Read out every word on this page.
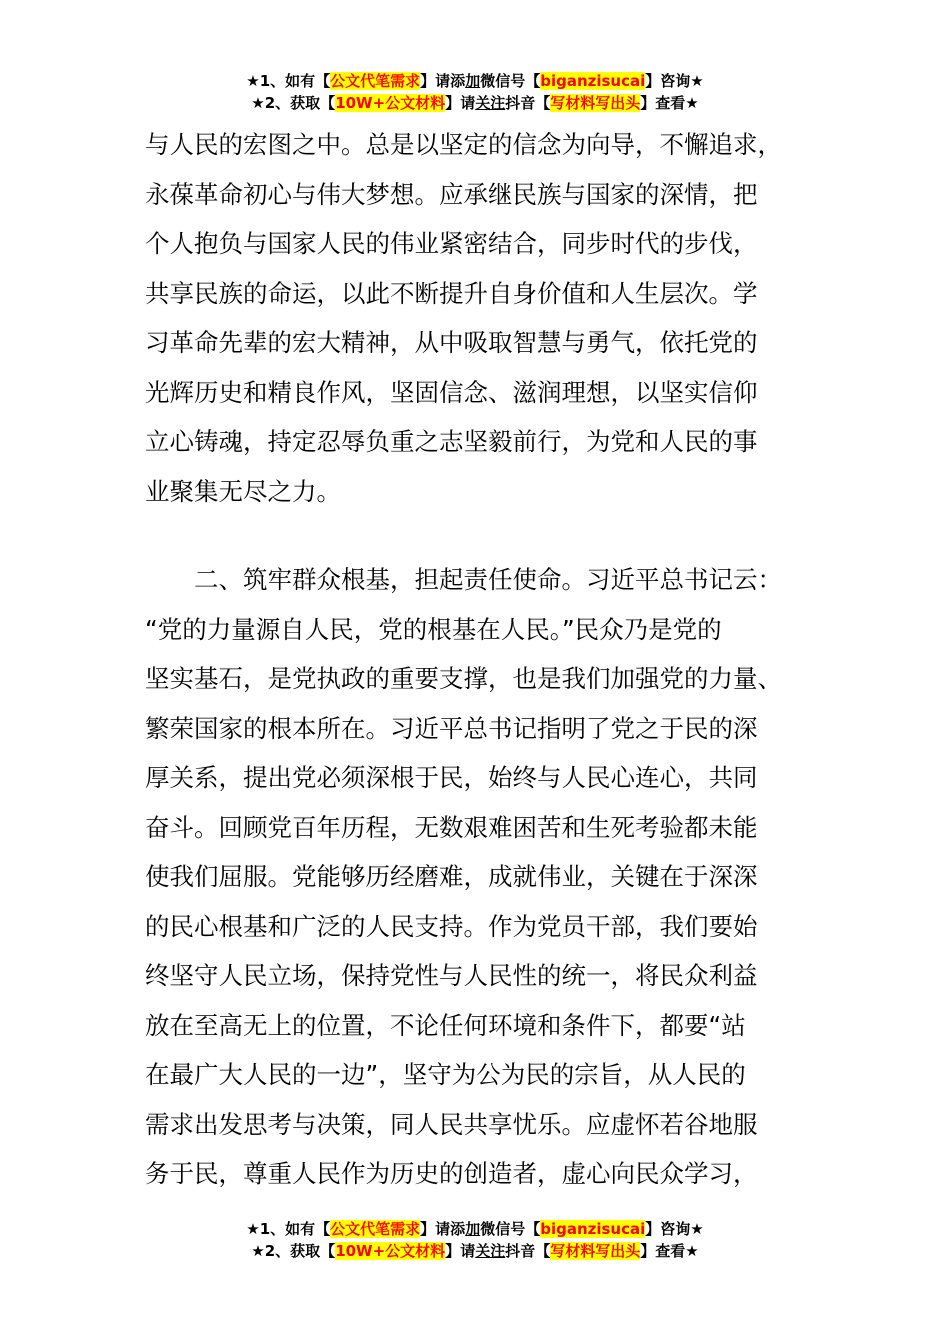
★1、如有【公文代笔需求】请添加微信号【biganzisucai】咨询★
★2、获取【10W+公文材料】请关注抖音【写材料写出头】查看★
与人民的宏图之中。总是以坚定的信念为向导，不懈追求，
永葆革命初心与伟大梦想。应承继民族与国家的深情，把
个人抱负与国家人民的伟业紧密结合，同步时代的步伐，
共享民族的命运，以此不断提升自身价值和人生层次。学
习革命先辈的宏大精神，从中吸取智慧与勇气，依托党的
光辉历史和精良作风，坚固信念、滋润理想，以坚实信仰
立心铸魂，持定忍辱负重之志坚毅前行，为党和人民的事
业聚集无尽之力。
　　二、筑牢群众根基，担起责任使命。习近平总书记云：
“党的力量源自人民，党的根基在人民。”民众乃是党的
坚实基石，是党执政的重要支撑，也是我们加强党的力量、
繁荣国家的根本所在。习近平总书记指明了党之于民的深
厚关系，提出党必须深根于民，始终与人民心连心，共同
奋斗。回顾党百年历程，无数艰难困苦和生死考验都未能
使我们屈服。党能够历经磨难，成就伟业，关键在于深深
的民心根基和广泛的人民支持。作为党员干部，我们要始
终坚守人民立场，保持党性与人民性的统一，将民众利益
放在至高无上的位置，不论任何环境和条件下，都要“站
在最广大人民的一边”，坚守为公为民的宗旨，从人民的
需求出发思考与决策，同人民共享忧乐。应虚怀若谷地服
务于民，尊重人民作为历史的创造者，虚心向民众学习，
★1、如有【公文代笔需求】请添加微信号【biganzisucai】咨询★
★2、获取【10W+公文材料】请关注抖音【写材料写出头】查看★
